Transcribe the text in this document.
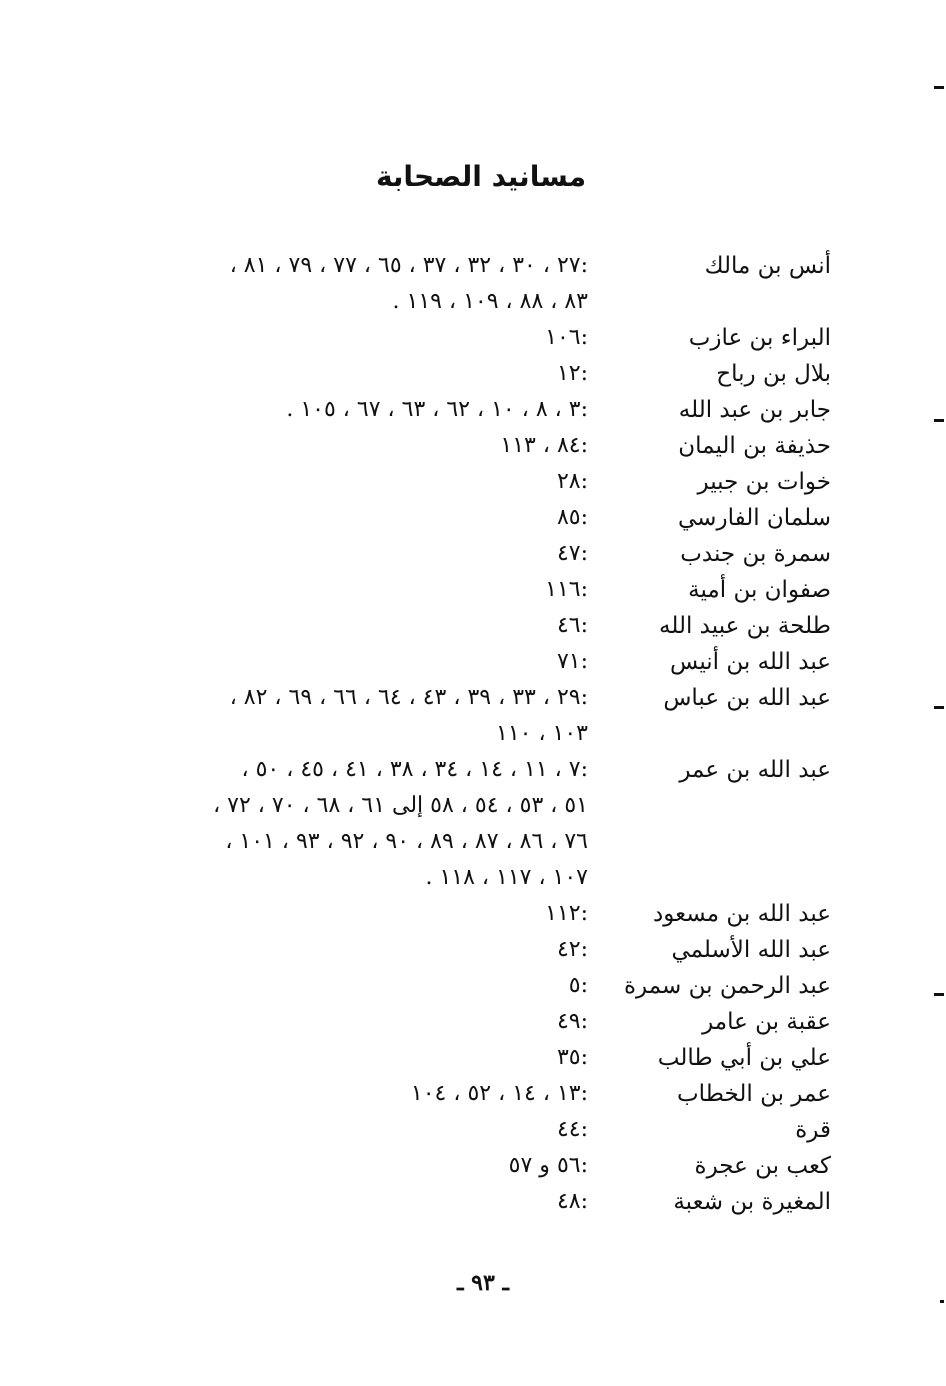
مسانيد الصحابة
أنس بن مالك
:٢٧ ، ٣٠ ، ٣٢ ، ٣٧ ، ٦٥ ، ٧٧ ، ٧٩ ، ٨١ ،
٨٣ ، ٨٨ ، ١٠٩ ، ١١٩ .
البراء بن عازب
:١٠٦
بلال بن رباح
:١٢
جابر بن عبد الله
:٣ ، ٨ ، ١٠ ، ٦٢ ، ٦٣ ، ٦٧ ، ١٠٥ .
حذيفة بن اليمان
:٨٤ ، ١١٣
خوات بن جبير
:٢٨
سلمان الفارسي
:٨٥
سمرة بن جندب
:٤٧
صفوان بن أمية
:١١٦
طلحة بن عبيد الله
:٤٦
عبد الله بن أنيس
:٧١
عبد الله بن عباس
:٢٩ ، ٣٣ ، ٣٩ ، ٤٣ ، ٦٤ ، ٦٦ ، ٦٩ ، ٨٢ ،
١٠٣ ، ١١٠
عبد الله بن عمر
:٧ ، ١١ ، ١٤ ، ٣٤ ، ٣٨ ، ٤١ ، ٤٥ ، ٥٠ ،
٥١ ، ٥٣ ، ٥٤ ، ٥٨ إلى ٦١ ، ٦٨ ، ٧٠ ، ٧٢ ،
٧٦ ، ٨٦ ، ٨٧ ، ٨٩ ، ٩٠ ، ٩٢ ، ٩٣ ، ١٠١ ،
١٠٧ ، ١١٧ ، ١١٨ .
عبد الله بن مسعود
:١١٢
عبد الله الأسلمي
:٤٢
عبد الرحمن بن سمرة
:٥
عقبة بن عامر
:٤٩
علي بن أبي طالب
:٣٥
عمر بن الخطاب
:١٣ ، ١٤ ، ٥٢ ، ١٠٤
قرة
:٤٤
كعب بن عجرة
:٥٦ و ٥٧
المغيرة بن شعبة
:٤٨
ـ ٩٣ ـ
